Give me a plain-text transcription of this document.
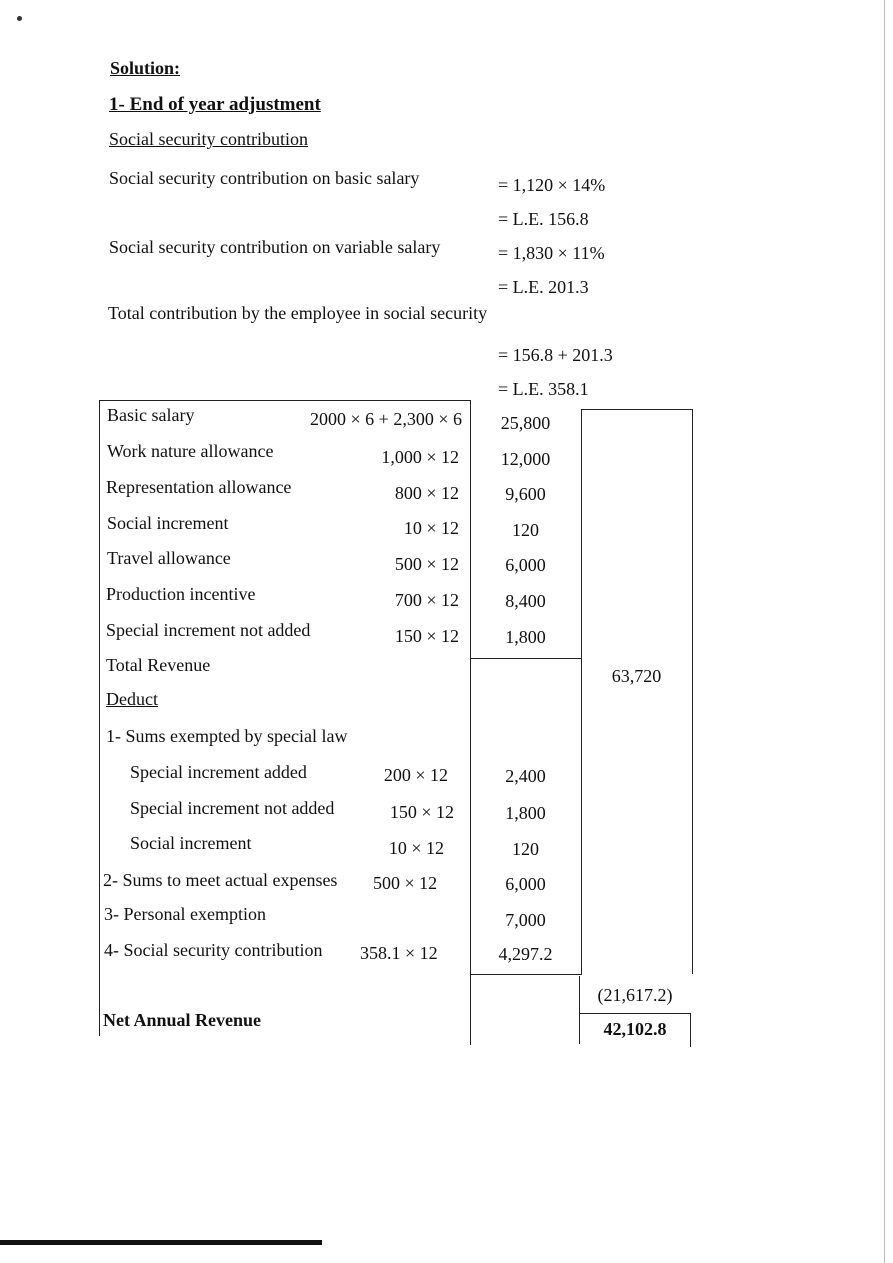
Solution:
1- End of year adjustment
Social security contribution
Social security contribution on basic salary	= 1,120 × 14%
= L.E. 156.8
Social security contribution on variable salary	= 1,830 × 11%
= L.E. 201.3
Total contribution by the employee in social security
= 156.8 + 201.3
= L.E. 358.1
Basic salary	2000 × 6 + 2,300 × 6	25,800
Work nature allowance	1,000 × 12	12,000
Representation allowance	800 × 12	9,600
Social increment	10 × 12	120
Travel allowance	500 × 12	6,000
Production incentive	700 × 12	8,400
Special increment not added	150 × 12	1,800
Total Revenue
63,720
Deduct
1- Sums exempted by special law
Special increment added	200 × 12	2,400
Special increment not added	150 × 12	1,800
Social increment	10 × 12	120
2- Sums to meet actual expenses 500 × 12	6,000
3- Personal exemption	7,000
4- Social security contribution 358.1 × 12	4,297.2
(21,617.2)
Net Annual Revenue	42,102.8
